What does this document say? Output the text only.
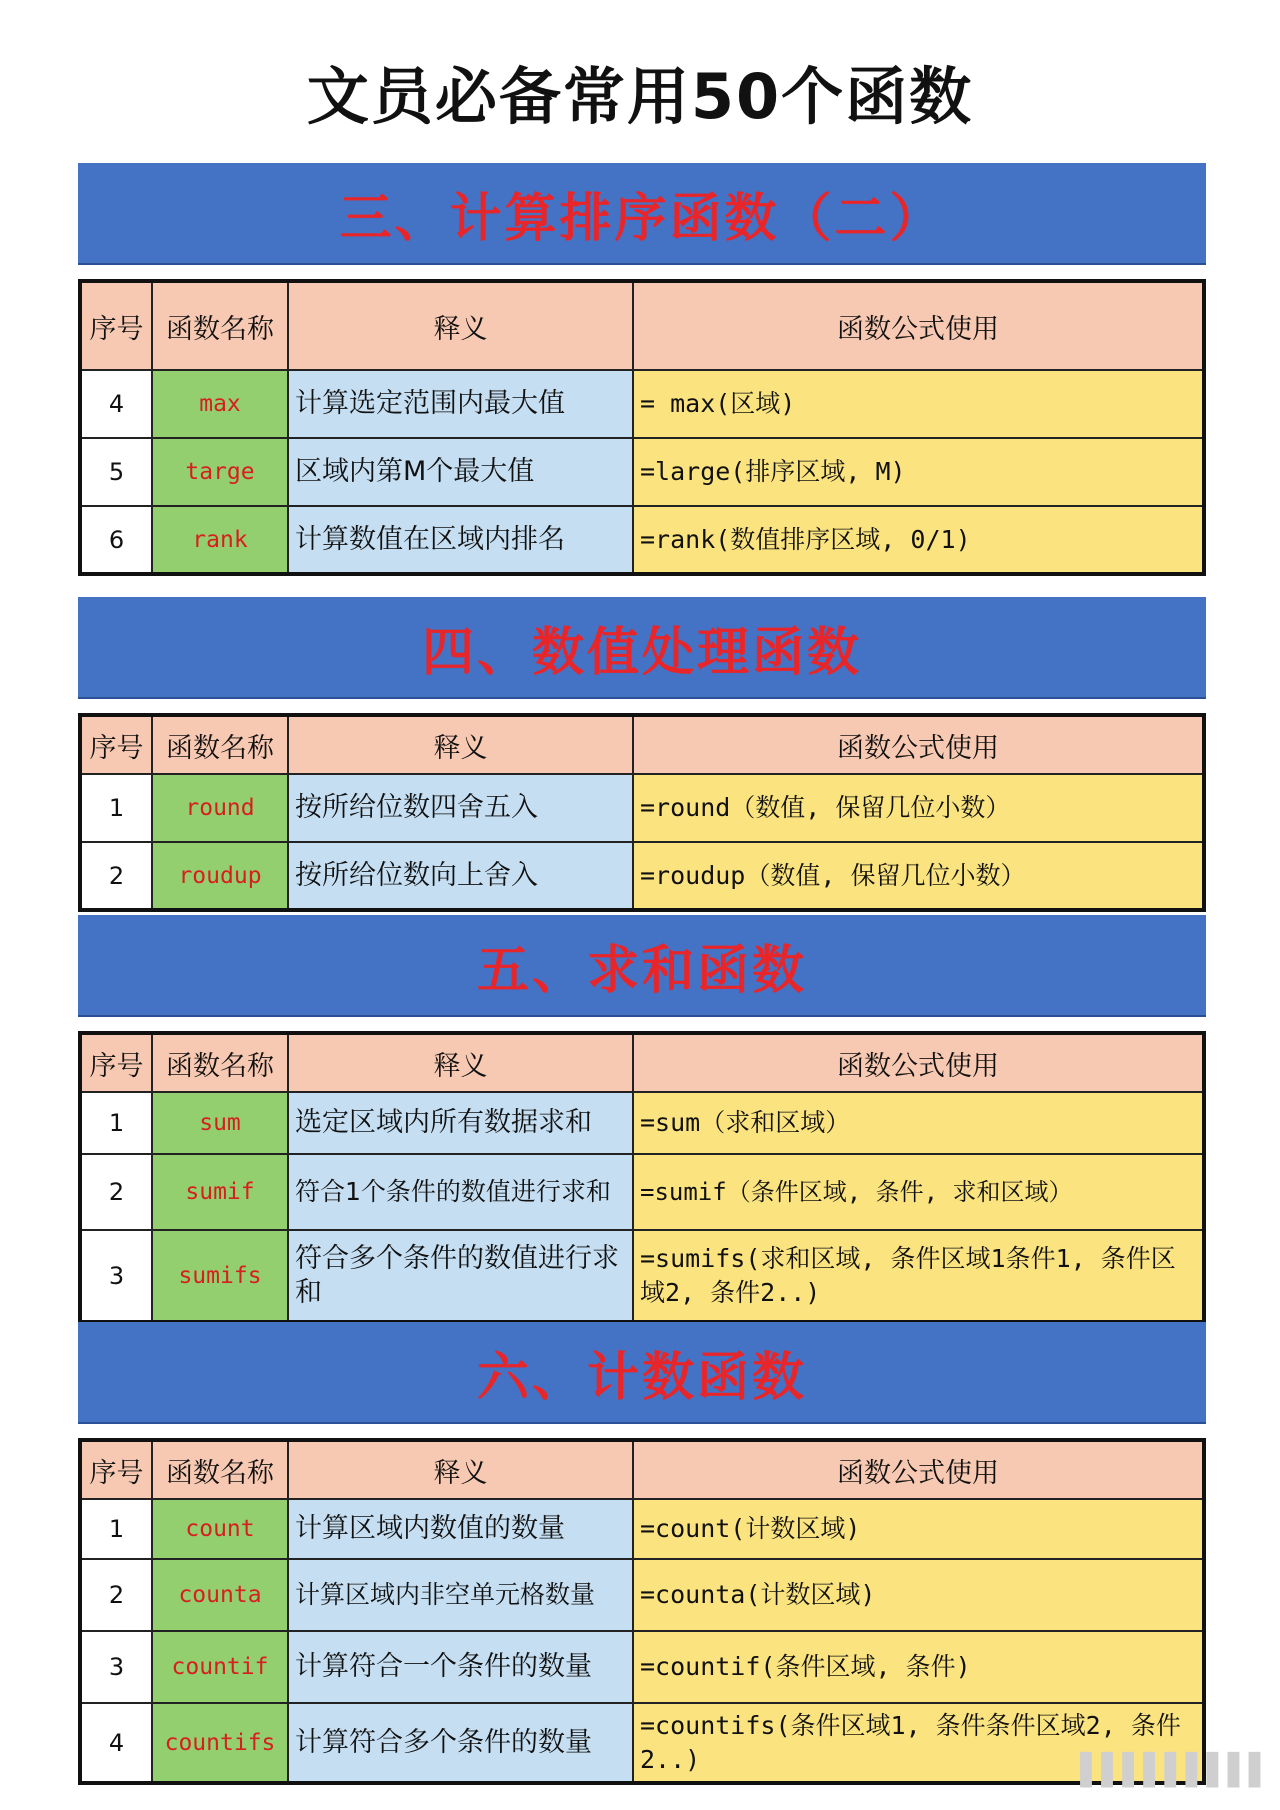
文员必备常用50个函数
三、计算排序函数（二）
序号	函数名称	释义	函数公式使用
4	max	计算选定范围内最大值	= max(区域)
5	targe	区域内第M个最大值	=large(排序区域, M)
6	rank	计算数值在区域内排名	=rank(数值排序区域, 0/1)
四、数值处理函数
序号	函数名称	释义	函数公式使用
1	round	按所给位数四舍五入	=round（数值, 保留几位小数）
2	roudup	按所给位数向上舍入	=roudup（数值, 保留几位小数）
五、求和函数
序号	函数名称	释义	函数公式使用
1	sum	选定区域内所有数据求和	=sum（求和区域）
2	sumif	符合1个条件的数值进行求和	=sumif（条件区域, 条件, 求和区域）
3	sumifs	符合多个条件的数值进行求和	=sumifs(求和区域, 条件区域1条件1, 条件区域2, 条件2..)
六、计数函数
序号	函数名称	释义	函数公式使用
1	count	计算区域内数值的数量	=count(计数区域)
2	counta	计算区域内非空单元格数量	=counta(计数区域)
3	countif	计算符合一个条件的数量	=countif(条件区域, 条件)
4	countifs	计算符合多个条件的数量	=countifs(条件区域1, 条件条件区域2, 条件2..)	▌▌▌▌▌▌▌▌▌
